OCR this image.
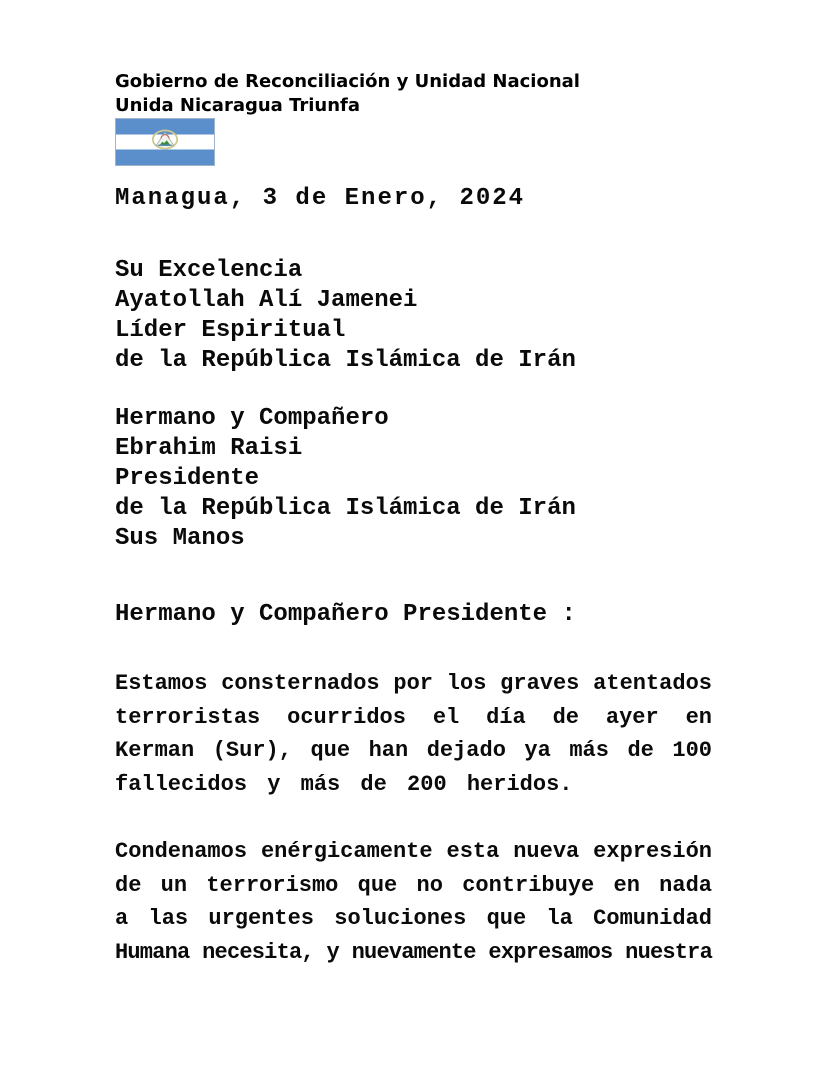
Gobierno de Reconciliación y Unidad Nacional
Unida Nicaragua Triunfa
Managua, 3 de Enero, 2024
Su Excelencia
Ayatollah Alí Jamenei
Líder Espiritual
de la República Islámica de Irán
Hermano y Compañero
Ebrahim Raisi
Presidente
de la República Islámica de Irán
Sus Manos
Hermano y Compañero Presidente :
Estamos consternados por los graves atentados
terroristas ocurridos el día de ayer en
Kerman (Sur), que han dejado ya más de 100
fallecidos y más de 200 heridos.
Condenamos enérgicamente esta nueva expresión
de un terrorismo que no contribuye en nada
a las urgentes soluciones que la Comunidad
Humana necesita, y nuevamente expresamos nuestra
